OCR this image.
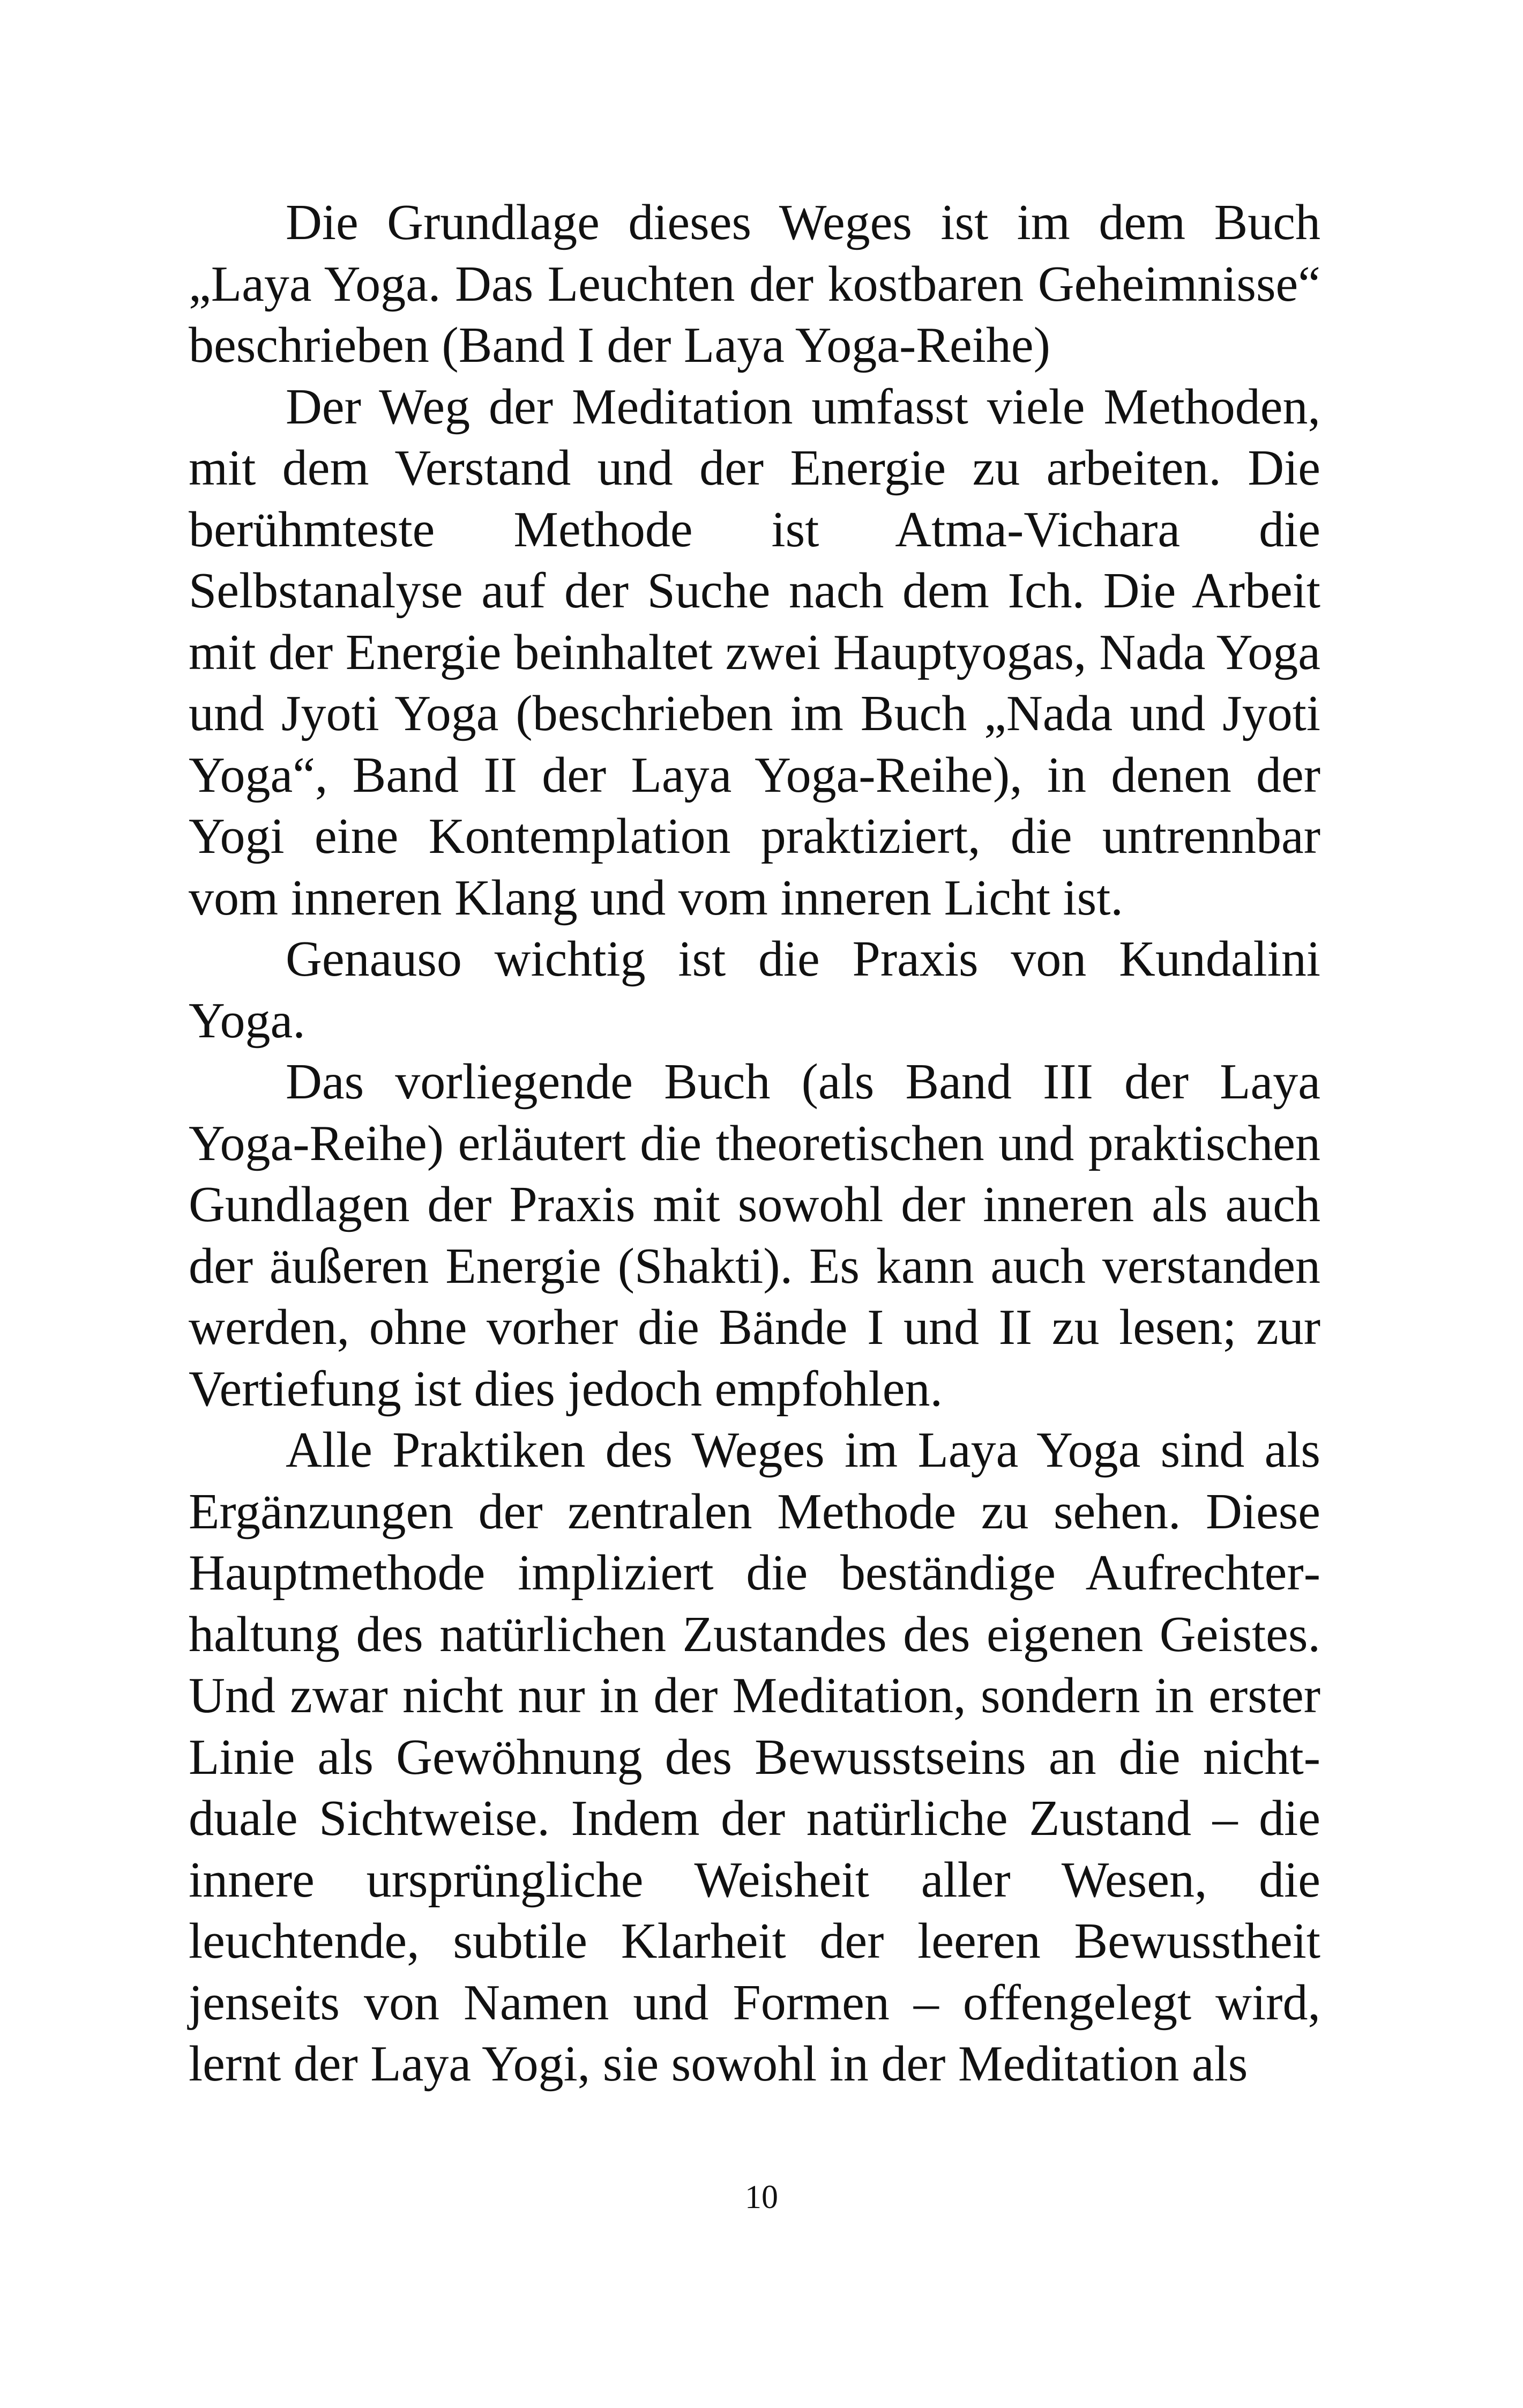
Die Grundlage dieses Weges ist im dem Buch „Laya Yoga. Das Leuchten der kostbaren Geheimnisse“ beschrieben (Band I der Laya Yoga-Reihe)

Der Weg der Meditation umfasst viele Methoden, mit dem Verstand und der Energie zu arbeiten. Die berühmteste Methode ist Atma-Vichara die Selbstanalyse auf der Suche nach dem Ich. Die Arbeit mit der Energie beinhaltet zwei Hauptyogas, Nada Yoga und Jyoti Yoga (beschrieben im Buch „Nada und Jyoti Yoga“, Band II der Laya Yoga-Reihe), in denen der Yogi eine Kontemplation praktiziert, die untrennbar vom inneren Klang und vom inneren Licht ist.

Genauso wichtig ist die Praxis von Kundalini Yoga.

Das vorliegende Buch (als Band III der Laya Yoga-Reihe) erläutert die theoretischen und praktischen Gundlagen der Praxis mit sowohl der inneren als auch der äußeren Energie (Shakti). Es kann auch verstanden werden, ohne vorher die Bände I und II zu lesen; zur Vertiefung ist dies jedoch empfohlen.

Alle Praktiken des Weges im Laya Yoga sind als Ergänzungen der zentralen Methode zu sehen. Diese Hauptmethode impliziert die beständige Aufrechterhaltung des natürlichen Zustandes des eigenen Geistes. Und zwar nicht nur in der Meditation, sondern in erster Linie als Gewöhnung des Bewusstseins an die nicht-duale Sichtweise. Indem der natürliche Zustand – die innere ursprüngliche Weisheit aller Wesen, die leuchtende, subtile Klarheit der leeren Bewusstheit jenseits von Namen und Formen – offengelegt wird, lernt der Laya Yogi, sie sowohl in der Meditation als

10
